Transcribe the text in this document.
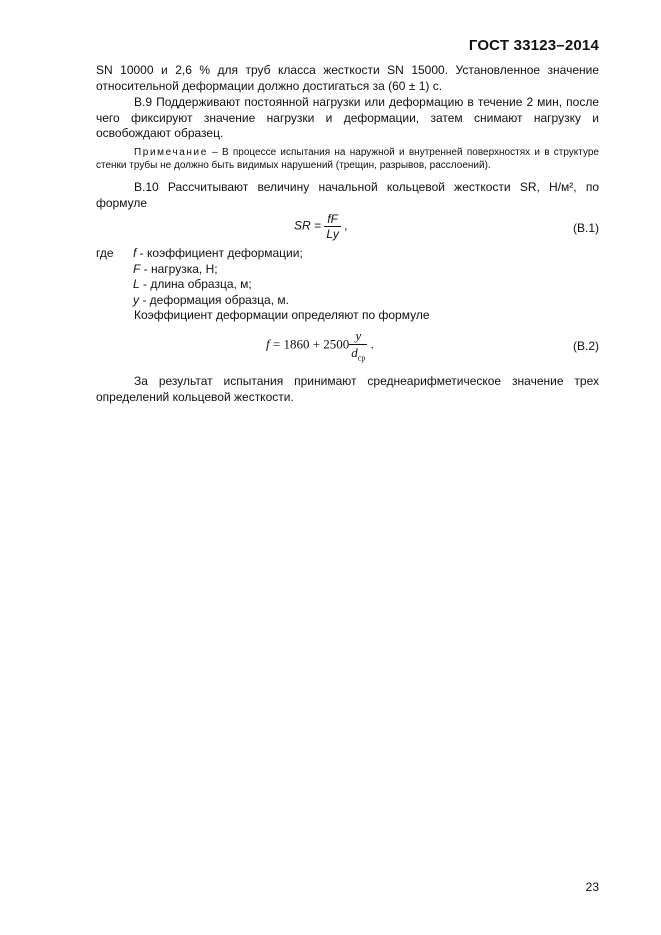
ГОСТ 33123–2014
SN 10000 и 2,6 % для труб класса жесткости SN 15000. Установленное значение относительной деформации должно достигаться за (60 ± 1) с.
В.9 Поддерживают постоянной нагрузки или деформацию в течение 2 мин, после чего фиксируют значение нагрузки и деформации, затем снимают нагрузку и освобождают образец.
Примечание – В процессе испытания на наружной и внутренней поверхностях и в структуре стенки трубы не должно быть видимых нарушений (трещин, разрывов, расслоений).
В.10 Рассчитывают величину начальной кольцевой жесткости SR, Н/м², по формуле
SR = $\frac{fF}{Ly}$ ,	(В.1)
где f - коэффициент деформации;
F - нагрузка, Н;
L - длина образца, м;
y - деформация образца, м.
Коэффициент деформации определяют по формуле
$f = 1860 + 2500 \frac{y}{d_{ср}}$ .	(В.2)
За результат испытания принимают среднеарифметическое значение трех определений кольцевой жесткости.
23
